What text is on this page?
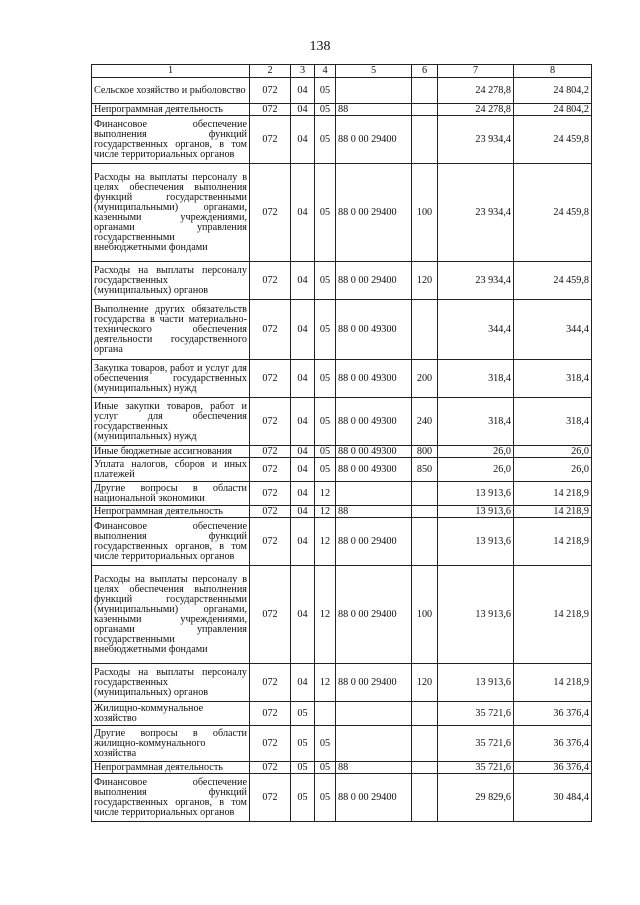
138
1	2	3	4	5	6	7	8
Сельское хозяйство и рыболовство	072	04	05			24 278,8	24 804,2
Непрограммная деятельность	072	04	05	88		24 278,8	24 804,2
Финансовое обеспечение выполнения функций государственных органов, в том числе территориальных органов	072	04	05	88 0 00 29400		23 934,4	24 459,8
Расходы на выплаты персоналу в целях обеспечения выполнения функций государственными (муниципальными) органами, казенными учреждениями, органами управления государственными внебюджетными фондами	072	04	05	88 0 00 29400	100	23 934,4	24 459,8
Расходы на выплаты персоналу государственных (муниципальных) органов	072	04	05	88 0 00 29400	120	23 934,4	24 459,8
Выполнение других обязательств государства в части материально-технического обеспечения деятельности государственного органа	072	04	05	88 0 00 49300		344,4	344,4
Закупка товаров, работ и услуг для обеспечения государственных (муниципальных) нужд	072	04	05	88 0 00 49300	200	318,4	318,4
Иные закупки товаров, работ и услуг для обеспечения государственных (муниципальных) нужд	072	04	05	88 0 00 49300	240	318,4	318,4
Иные бюджетные ассигнования	072	04	05	88 0 00 49300	800	26,0	26,0
Уплата налогов, сборов и иных платежей	072	04	05	88 0 00 49300	850	26,0	26,0
Другие вопросы в области национальной экономики	072	04	12			13 913,6	14 218,9
Непрограммная деятельность	072	04	12	88		13 913,6	14 218,9
Финансовое обеспечение выполнения функций государственных органов, в том числе территориальных органов	072	04	12	88 0 00 29400		13 913,6	14 218,9
Расходы на выплаты персоналу в целях обеспечения выполнения функций государственными (муниципальными) органами, казенными учреждениями, органами управления государственными внебюджетными фондами	072	04	12	88 0 00 29400	100	13 913,6	14 218,9
Расходы на выплаты персоналу государственных (муниципальных) органов	072	04	12	88 0 00 29400	120	13 913,6	14 218,9
Жилищно-коммунальное хозяйство	072	05				35 721,6	36 376,4
Другие вопросы в области жилищно-коммунального хозяйства	072	05	05			35 721,6	36 376,4
Непрограммная деятельность	072	05	05	88		35 721,6	36 376,4
Финансовое обеспечение выполнения функций государственных органов, в том числе территориальных органов	072	05	05	88 0 00 29400		29 829,6	30 484,4
